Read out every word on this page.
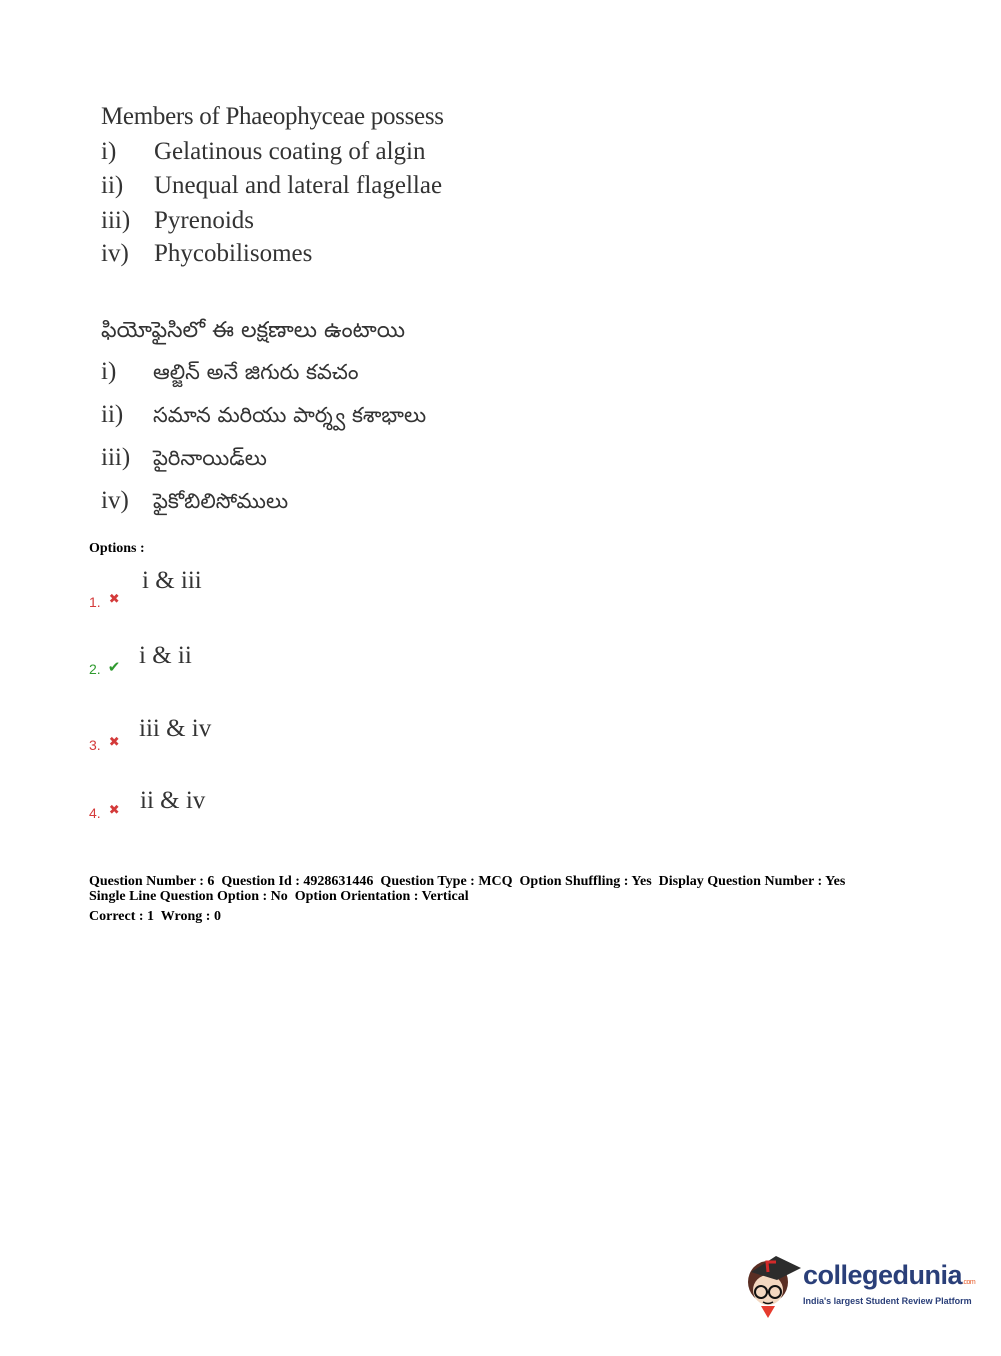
Members of Phaeophyceae possess
i) Gelatinous coating of algin
ii) Unequal and lateral flagellae
iii) Pyrenoids
iv) Phycobilisomes
ఫియోఫైసిలో ఈ లక్షణాలు ఉంటాయి
i) ఆల్జిన్ అనే జిగురు కవచం
ii) సమాన మరియు పార్శ్వ కశాభాలు
iii) పైరినాయిడ్‌లు
iv) ఫైకోబిలిసోములు
Options :
1. ✖
i & iii
2. ✔ i & ii
3. ✖
iii & iv
4. ✖ ii & iv
Question Number : 6  Question Id : 4928631446  Question Type : MCQ  Option Shuffling : Yes  Display Question Number : Yes
Single Line Question Option : No  Option Orientation : Vertical
Correct : 1  Wrong : 0
collegedunia.com
India's largest Student Review Platform
